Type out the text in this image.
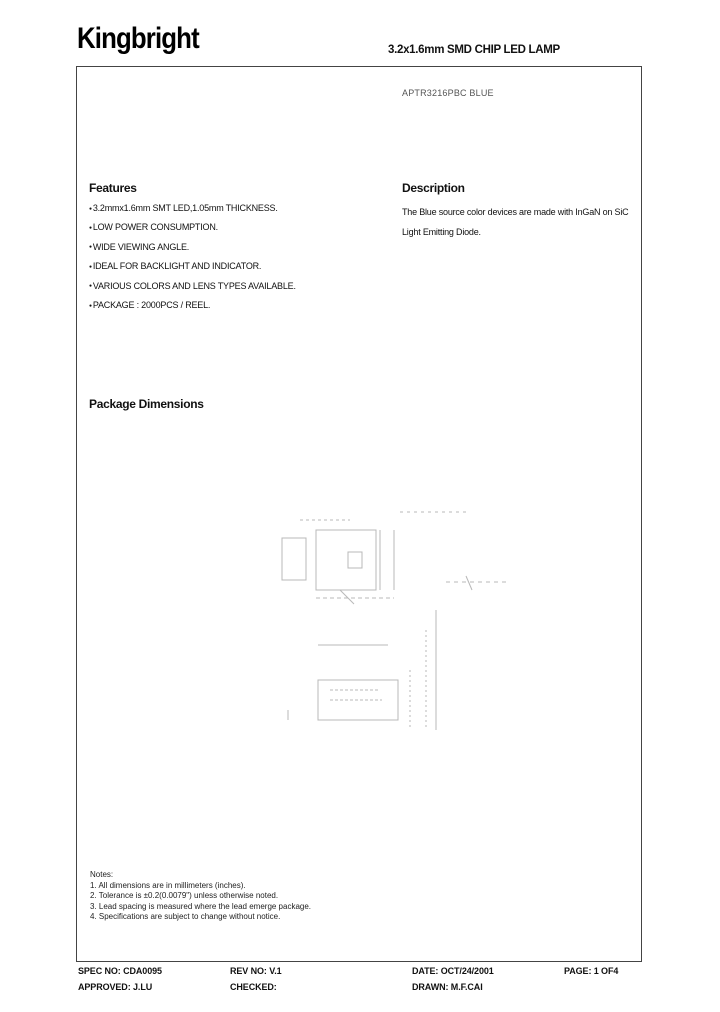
Kingbright	3.2x1.6mm SMD CHIP LED LAMP
APTR3216PBC BLUE
Features
● 3.2mmx1.6mm SMT LED,1.05mm THICKNESS.
● LOW POWER CONSUMPTION.
● WIDE VIEWING ANGLE.
● IDEAL FOR BACKLIGHT AND INDICATOR.
● VARIOUS COLORS AND LENS TYPES AVAILABLE.
● PACKAGE : 2000PCS / REEL.
Description
The Blue source color devices are made with InGaN on SiC Light Emitting Diode.
Package Dimensions
Notes:
1. All dimensions are in millimeters (inches).
2. Tolerance is ±0.2(0.0079") unless otherwise noted.
3. Lead spacing is measured where the lead emerge package.
4. Specifications are subject to change without notice.
SPEC NO: CDA0095	REV NO: V.1	DATE: OCT/24/2001	PAGE: 1 OF4
APPROVED: J.LU	CHECKED:	DRAWN: M.F.CAI
